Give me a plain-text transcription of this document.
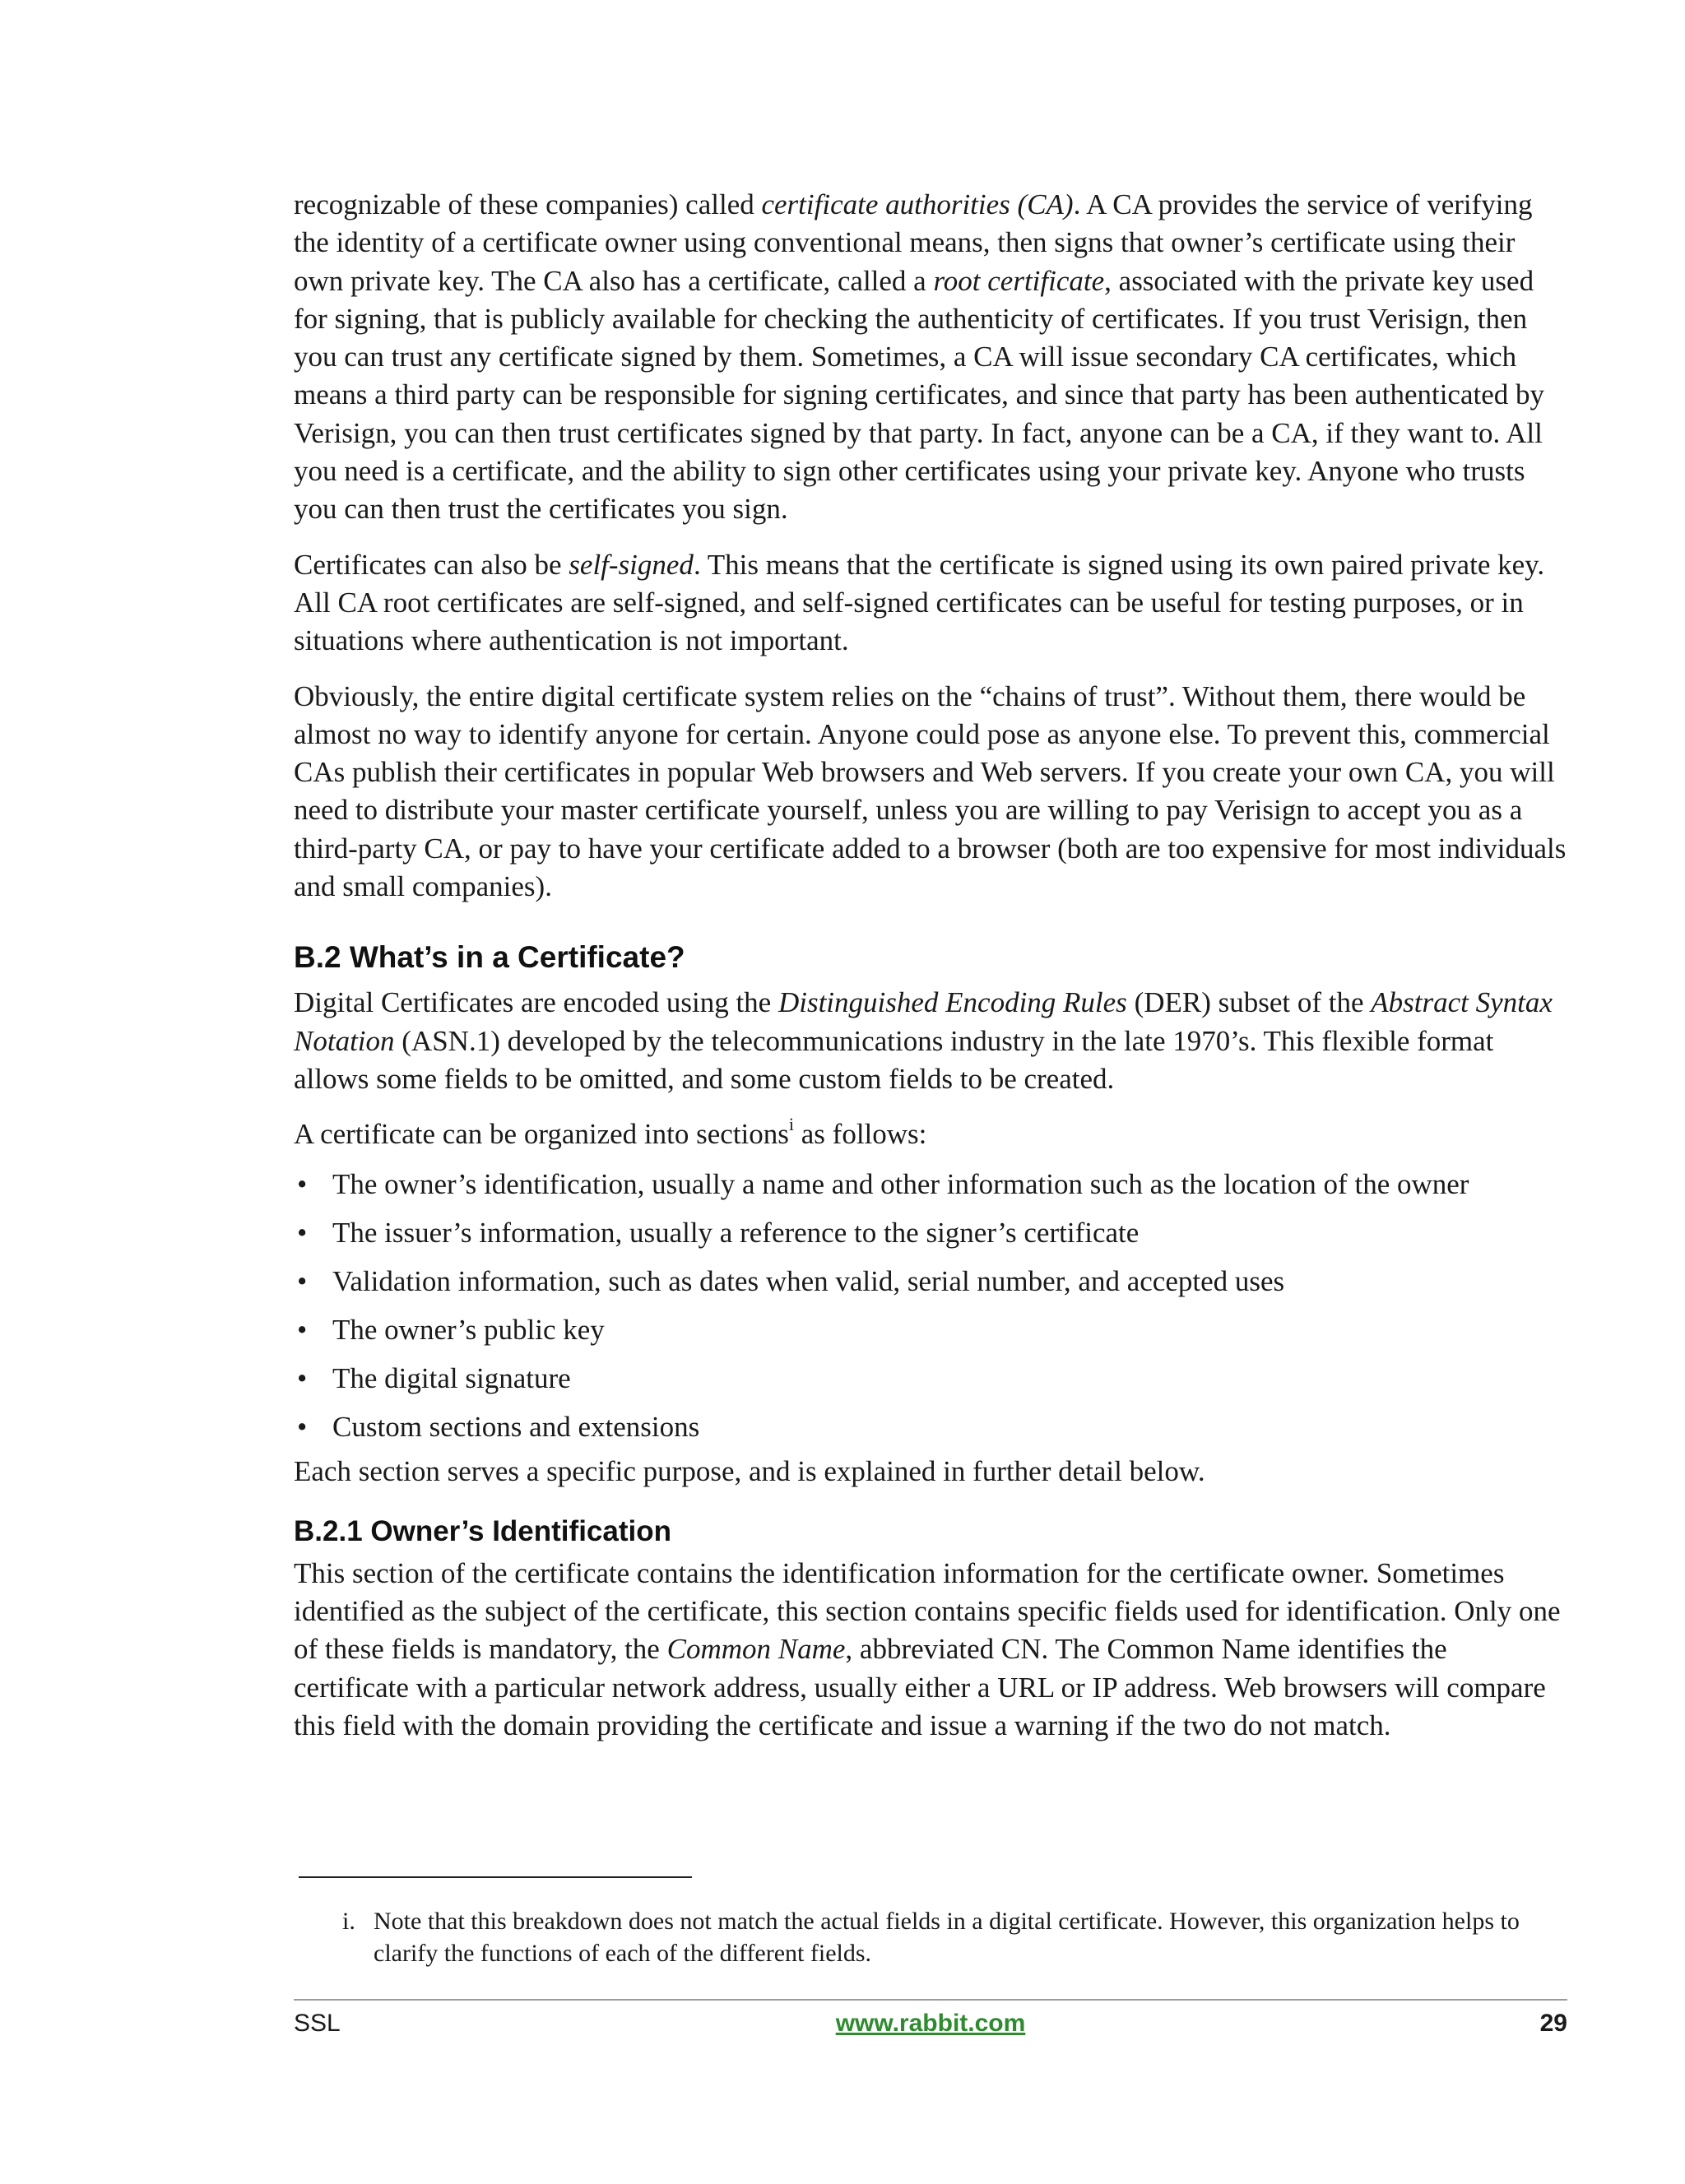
recognizable of these companies) called certificate authorities (CA). A CA provides the service of verifying the identity of a certificate owner using conventional means, then signs that owner’s certificate using their own private key. The CA also has a certificate, called a root certificate, associated with the private key used for signing, that is publicly available for checking the authenticity of certificates. If you trust Verisign, then you can trust any certificate signed by them. Sometimes, a CA will issue secondary CA certificates, which means a third party can be responsible for signing certificates, and since that party has been authenticated by Verisign, you can then trust certificates signed by that party. In fact, anyone can be a CA, if they want to. All you need is a certificate, and the ability to sign other certificates using your private key. Anyone who trusts you can then trust the certificates you sign.

Certificates can also be self-signed. This means that the certificate is signed using its own paired private key. All CA root certificates are self-signed, and self-signed certificates can be useful for testing purposes, or in situations where authentication is not important.

Obviously, the entire digital certificate system relies on the “chains of trust”. Without them, there would be almost no way to identify anyone for certain. Anyone could pose as anyone else. To prevent this, commercial CAs publish their certificates in popular Web browsers and Web servers. If you create your own CA, you will need to distribute your master certificate yourself, unless you are willing to pay Verisign to accept you as a third-party CA, or pay to have your certificate added to a browser (both are too expensive for most individuals and small companies).

B.2 What’s in a Certificate?

Digital Certificates are encoded using the Distinguished Encoding Rules (DER) subset of the Abstract Syntax Notation (ASN.1) developed by the telecommunications industry in the late 1970’s. This flexible format allows some fields to be omitted, and some custom fields to be created.

A certificate can be organized into sections$^i$ as follows:

• The owner’s identification, usually a name and other information such as the location of the owner
• The issuer’s information, usually a reference to the signer’s certificate
• Validation information, such as dates when valid, serial number, and accepted uses
• The owner’s public key
• The digital signature
• Custom sections and extensions

Each section serves a specific purpose, and is explained in further detail below.

B.2.1 Owner’s Identification

This section of the certificate contains the identification information for the certificate owner. Sometimes identified as the subject of the certificate, this section contains specific fields used for identification. Only one of these fields is mandatory, the Common Name, abbreviated CN. The Common Name identifies the certificate with a particular network address, usually either a URL or IP address. Web browsers will compare this field with the domain providing the certificate and issue a warning if the two do not match.

i. Note that this breakdown does not match the actual fields in a digital certificate. However, this organization helps to clarify the functions of each of the different fields.
SSL	www.rabbit.com	29
